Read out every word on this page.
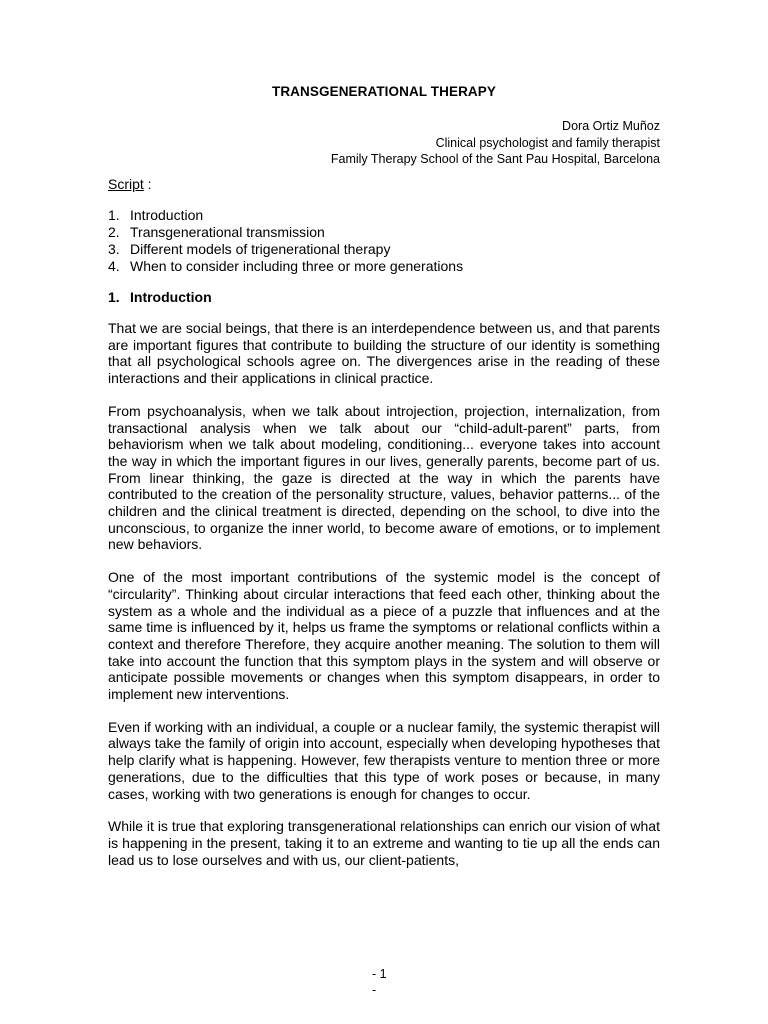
TRANSGENERATIONAL THERAPY
Dora Ortiz Muñoz
Clinical psychologist and family therapist
Family Therapy School of the Sant Pau Hospital, Barcelona
Script :
1. Introduction
2. Transgenerational transmission
3. Different models of trigenerational therapy
4. When to consider including three or more generations
1. Introduction

That we are social beings, that there is an interdependence between us, and that parents are important figures that contribute to building the structure of our identity is something that all psychological schools agree on. The divergences arise in the reading of these interactions and their applications in clinical practice.

From psychoanalysis, when we talk about introjection, projection, internalization, from transactional analysis when we talk about our “child-adult-parent” parts, from behaviorism when we talk about modeling, conditioning... everyone takes into account the way in which the important figures in our lives, generally parents, become part of us. From linear thinking, the gaze is directed at the way in which the parents have contributed to the creation of the personality structure, values, behavior patterns... of the children and the clinical treatment is directed, depending on the school, to dive into the unconscious, to organize the inner world, to become aware of emotions, or to implement new behaviors.

One of the most important contributions of the systemic model is the concept of “circularity”. Thinking about circular interactions that feed each other, thinking about the system as a whole and the individual as a piece of a puzzle that influences and at the same time is influenced by it, helps us frame the symptoms or relational conflicts within a context and therefore Therefore, they acquire another meaning. The solution to them will take into account the function that this symptom plays in the system and will observe or anticipate possible movements or changes when this symptom disappears, in order to implement new interventions.

Even if working with an individual, a couple or a nuclear family, the systemic therapist will always take the family of origin into account, especially when developing hypotheses that help clarify what is happening. However, few therapists venture to mention three or more generations, due to the difficulties that this type of work poses or because, in many cases, working with two generations is enough for changes to occur.

While it is true that exploring transgenerational relationships can enrich our vision of what is happening in the present, taking it to an extreme and wanting to tie up all the ends can lead us to lose ourselves and with us, our client-patients,

- 1
-
